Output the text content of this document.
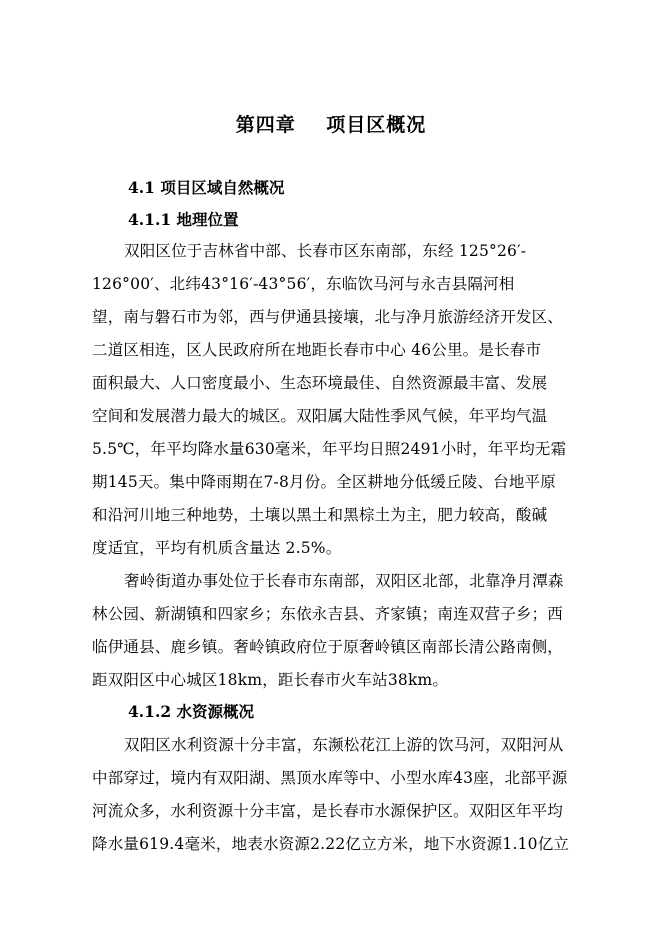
第四章    项目区概况
4.1 项目区域自然概况
4.1.1 地理位置
双阳区位于吉林省中部、长春市区东南部，东经 125°26′-
126°00′、北纬43°16′-43°56′，东临饮马河与永吉县隔河相
望，南与磐石市为邻，西与伊通县接壤，北与净月旅游经济开发区、
二道区相连，区人民政府所在地距长春市中心 46公里。是长春市
面积最大、人口密度最小、生态环境最佳、自然资源最丰富、发展
空间和发展潜力最大的城区。双阳属大陆性季风气候，年平均气温
5.5℃，年平均降水量630毫米，年平均日照2491小时，年平均无霜
期145天。集中降雨期在7-8月份。全区耕地分低缓丘陵、台地平原
和沿河川地三种地势，土壤以黑土和黑棕土为主，肥力较高，酸碱
度适宜，平均有机质含量达 2.5%。
奢岭街道办事处位于长春市东南部，双阳区北部，北靠净月潭森
林公园、新湖镇和四家乡；东依永吉县、齐家镇；南连双营子乡；西
临伊通县、鹿乡镇。奢岭镇政府位于原奢岭镇区南部长清公路南侧，
距双阳区中心城区18km，距长春市火车站38km。
4.1.2 水资源概况
双阳区水利资源十分丰富，东濒松花江上游的饮马河，双阳河从
中部穿过，境内有双阳湖、黑顶水库等中、小型水库43座，北部平源
河流众多，水利资源十分丰富，是长春市水源保护区。双阳区年平均
降水量619.4毫米，地表水资源2.22亿立方米，地下水资源1.10亿立
